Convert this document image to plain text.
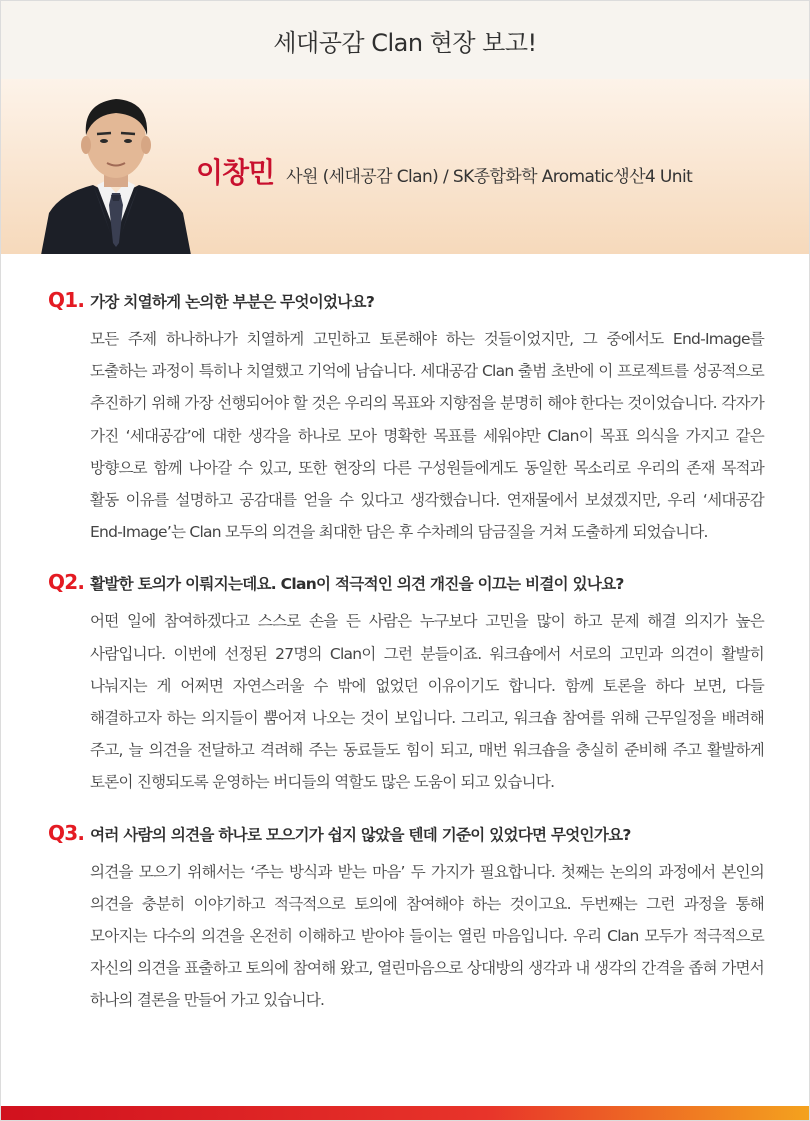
세대공감 Clan 현장 보고!
이창민 사원 (세대공감 Clan) / SK종합화학 Aromatic생산4 Unit
Q1. 가장 치열하게 논의한 부분은 무엇이었나요?

모든 주제 하나하나가 치열하게 고민하고 토론해야 하는 것들이었지만, 그 중에서도 End-Image를 도출하는 과정이 특히나 치열했고 기억에 남습니다. 세대공감 Clan 출범 초반에 이 프로젝트를 성공적으로 추진하기 위해 가장 선행되어야 할 것은 우리의 목표와 지향점을 분명히 해야 한다는 것이었습니다. 각자가 가진 ‘세대공감’에 대한 생각을 하나로 모아 명확한 목표를 세워야만 Clan이 목표 의식을 가지고 같은 방향으로 함께 나아갈 수 있고, 또한 현장의 다른 구성원들에게도 동일한 목소리로 우리의 존재 목적과 활동 이유를 설명하고 공감대를 얻을 수 있다고 생각했습니다. 연재물에서 보셨겠지만, 우리 ‘세대공감 End-Image’는 Clan 모두의 의견을 최대한 담은 후 수차례의 담금질을 거쳐 도출하게 되었습니다.

Q2. 활발한 토의가 이뤄지는데요. Clan이 적극적인 의견 개진을 이끄는 비결이 있나요?

어떤 일에 참여하겠다고 스스로 손을 든 사람은 누구보다 고민을 많이 하고 문제 해결 의지가 높은 사람입니다. 이번에 선정된 27명의 Clan이 그런 분들이죠. 워크숍에서 서로의 고민과 의견이 활발히 나눠지는 게 어쩌면 자연스러울 수 밖에 없었던 이유이기도 합니다. 함께 토론을 하다 보면, 다들 해결하고자 하는 의지들이 뿜어져 나오는 것이 보입니다. 그리고, 워크숍 참여를 위해 근무일정을 배려해 주고, 늘 의견을 전달하고 격려해 주는 동료들도 힘이 되고, 매번 워크숍을 충실히 준비해 주고 활발하게 토론이 진행되도록 운영하는 버디들의 역할도 많은 도움이 되고 있습니다.

Q3. 여러 사람의 의견을 하나로 모으기가 쉽지 않았을 텐데 기준이 있었다면 무엇인가요?

의견을 모으기 위해서는 ‘주는 방식과 받는 마음’ 두 가지가 필요합니다. 첫째는 논의의 과정에서 본인의 의견을 충분히 이야기하고 적극적으로 토의에 참여해야 하는 것이고요. 두번째는 그런 과정을 통해 모아지는 다수의 의견을 온전히 이해하고 받아야 들이는 열린 마음입니다. 우리 Clan 모두가 적극적으로 자신의 의견을 표출하고 토의에 참여해 왔고, 열린마음으로 상대방의 생각과 내 생각의 간격을 좁혀 가면서 하나의 결론을 만들어 가고 있습니다.
